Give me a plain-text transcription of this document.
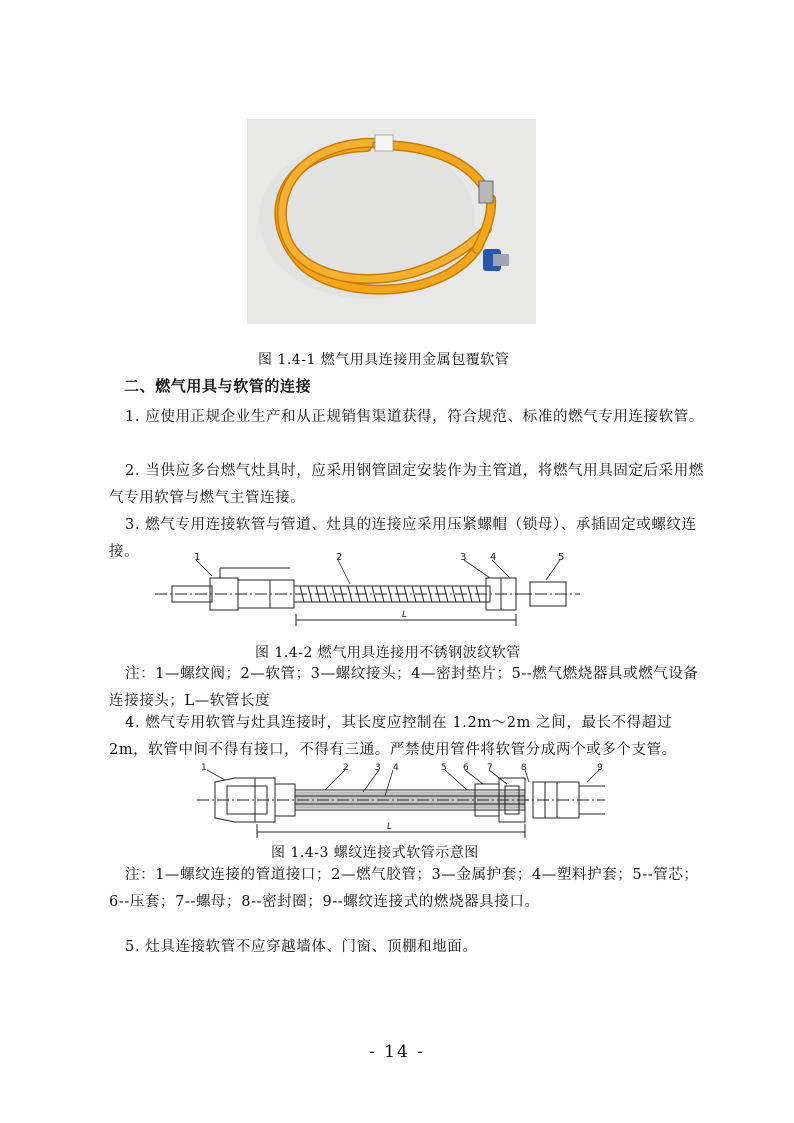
图 1.4-1 燃气用具连接用金属包覆软管
二、燃气用具与软管的连接
1. 应使用正规企业生产和从正规销售渠道获得，符合规范、标准的燃气专用连接软管。
2. 当供应多台燃气灶具时，应采用钢管固定安装作为主管道，将燃气用具固定后采用燃气专用软管与燃气主管连接。
3. 燃气专用连接软管与管道、灶具的连接应采用压紧螺帽（锁母）、承插固定或螺纹连接。	1	2	3 4	5
L
图 1.4-2 燃气用具连接用不锈钢波纹软管
注：1—螺纹阀；2—软管；3—螺纹接头；4—密封垫片；5--燃气燃烧器具或燃气设备连接接头；L—软管长度
4. 燃气专用软管与灶具连接时，其长度应控制在 1.2m～2m 之间，最长不得超过 2m，软管中间不得有接口，不得有三通。严禁使用管件将软管分成两个或多个支管。
1	2	3 4	5 6 7	8	9
L
图 1.4-3 螺纹连接式软管示意图
注：1—螺纹连接的管道接口；2—燃气胶管；3—金属护套；4—塑料护套；5--管芯；6--压套；7--螺母；8--密封圈；9--螺纹连接式的燃烧器具接口。
5. 灶具连接软管不应穿越墙体、门窗、顶棚和地面。
- 14 -
